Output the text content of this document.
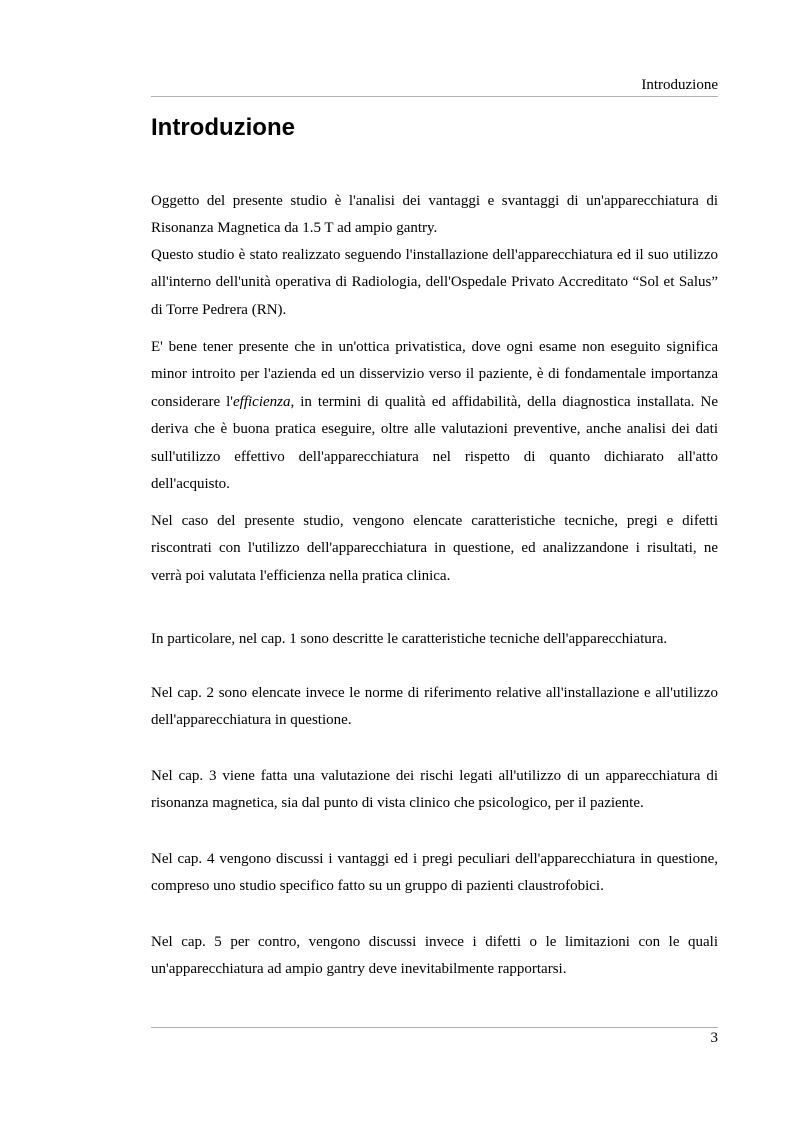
Introduzione
Introduzione

Oggetto del presente studio è l'analisi dei vantaggi e svantaggi di un'apparecchiatura di Risonanza Magnetica da 1.5 T ad ampio gantry.

Questo studio è stato realizzato seguendo l'installazione dell'apparecchiatura ed il suo utilizzo all'interno dell'unità operativa di Radiologia, dell'Ospedale Privato Accreditato “Sol et Salus” di Torre Pedrera (RN).

E' bene tener presente che in un'ottica privatistica, dove ogni esame non eseguito significa minor introito per l'azienda ed un disservizio verso il paziente, è di fondamentale importanza considerare l'efficienza, in termini di qualità ed affidabilità, della diagnostica installata. Ne deriva che è buona pratica eseguire, oltre alle valutazioni preventive, anche analisi dei dati sull'utilizzo effettivo dell'apparecchiatura nel rispetto di quanto dichiarato all'atto dell'acquisto.

Nel caso del presente studio, vengono elencate caratteristiche tecniche, pregi e difetti riscontrati con l'utilizzo dell'apparecchiatura in questione, ed analizzandone i risultati, ne verrà poi valutata l'efficienza nella pratica clinica.

In particolare, nel cap. 1 sono descritte le caratteristiche tecniche dell'apparecchiatura.

Nel cap. 2 sono elencate invece le norme di riferimento relative all'installazione e all'utilizzo dell'apparecchiatura in questione.

Nel cap. 3 viene fatta una valutazione dei rischi legati all'utilizzo di un apparecchiatura di risonanza magnetica, sia dal punto di vista clinico che psicologico, per il paziente.

Nel cap. 4 vengono discussi i vantaggi ed i pregi peculiari dell'apparecchiatura in questione, compreso uno studio specifico fatto su un gruppo di pazienti claustrofobici.

Nel cap. 5 per contro, vengono discussi invece i difetti o le limitazioni con le quali un'apparecchiatura ad ampio gantry deve inevitabilmente rapportarsi.

3
